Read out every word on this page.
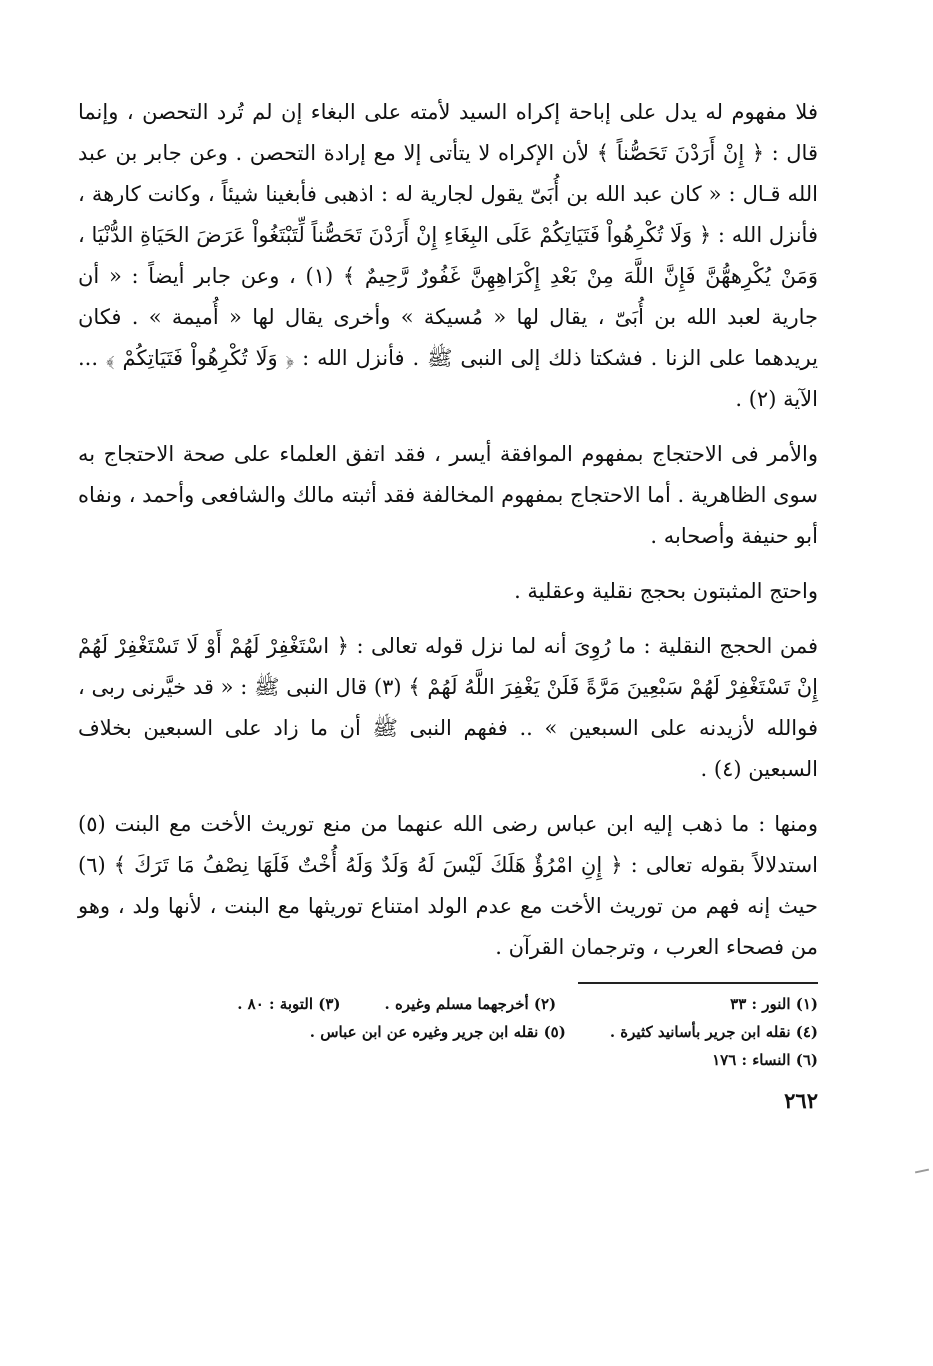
فلا مفهوم له يدل على إباحة إكراه السيد لأمته على البغاء إن لم تُرد التحصن ، وإنما قال : ﴿ إِنْ أَرَدْنَ تَحَصُّناً ﴾ لأن الإكراه لا يتأتى إلا مع إرادة التحصن . وعن جابر بن عبد الله قـال : « كان عبد الله بن أُبَىّ يقول لجارية له : اذهبى فأبغينا شيئاً ، وكانت كارهة ، فأنزل الله : ﴿ وَلَا تُكْرِهُواْ فَتَيَاتِكُمْ عَلَى البِغَاءِ إِنْ أَرَدْنَ تَحَصُّناً لِّتَبْتَغُواْ عَرَضَ الحَيَاةِ الدُّنْيَا ، وَمَنْ يُكْرِههُّنَّ فَإِنَّ اللَّهَ مِنْ بَعْدِ إِكْرَاهِهِنَّ غَفُورٌ رَّحِيمٌ ﴾ (١) ، وعن جابر أيضاً : « أن جارية لعبد الله بن أُبَىّ ، يقال لها « مُسيكة » وأخرى يقال لها « أُميمة » . فكان يريدهما على الزنا . فشكتا ذلك إلى النبى ﷺ . فأنزل الله : ﴿ وَلَا تُكْرِهُواْ فَتَيَاتِكُمْ ﴾ ... الآية (٢) .

والأمر فى الاحتجاج بمفهوم الموافقة أيسر ، فقد اتفق العلماء على صحة الاحتجاج به سوى الظاهرية . أما الاحتجاج بمفهوم المخالفة فقد أثبته مالك والشافعى وأحمد ، ونفاه أبو حنيفة وأصحابه .

واحتج المثبتون بحجج نقلية وعقلية .

فمن الحجج النقلية : ما رُوِىَ أنه لما نزل قوله تعالى : ﴿ اسْتَغْفِرْ لَهُمْ أَوْ لَا تَسْتَغْفِرْ لَهُمْ إِنْ تَسْتَغْفِرْ لَهُمْ سَبْعِينَ مَرَّةً فَلَنْ يَغْفِرَ اللَّهُ لَهُمْ ﴾ (٣) قال النبى ﷺ : « قد خيَّرنى ربى ، فوالله لأزيدنه على السبعين » .. ففهم النبى ﷺ أن ما زاد على السبعين بخلاف السبعين (٤) .

ومنها : ما ذهب إليه ابن عباس رضى الله عنهما من منع توريث الأخت مع البنت (٥) استدلالاً بقوله تعالى : ﴿ إِنِ امْرُؤٌ هَلَكَ لَيْسَ لَهُ وَلَدٌ وَلَهُ أُخْتٌ فَلَهَا نِصْفُ مَا تَرَكَ ﴾ (٦) حيث إنه فهم من توريث الأخت مع عدم الولد امتناع توريثها مع البنت ، لأنها ولد ، وهو من فصحاء العرب ، وترجمان القرآن .

(١) النور : ٣٣
(٢) أخرجهما مسلم وغيره .
(٣) التوبة : ٨٠ .
(٤) نقله ابن جرير بأسانيد كثيرة .
(٥) نقله ابن جرير وغيره عن ابن عباس .
(٦) النساء : ١٧٦
٢٦٢
